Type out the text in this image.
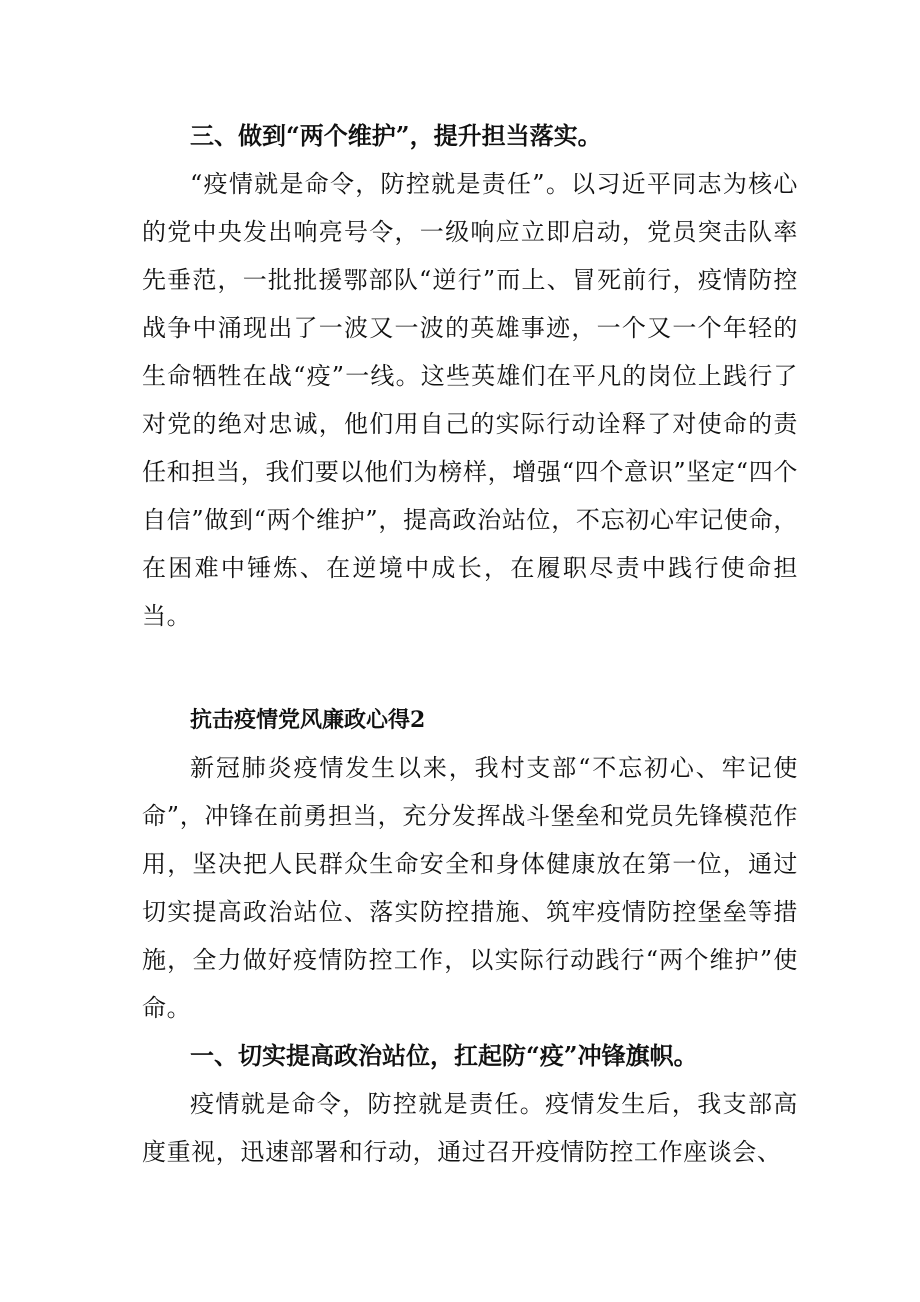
三、做到“两个维护”，提升担当落实。

“疫情就是命令，防控就是责任”。以习近平同志为核心的党中央发出响亮号令，一级响应立即启动，党员突击队率先垂范，一批批援鄂部队“逆行”而上、冒死前行，疫情防控战争中涌现出了一波又一波的英雄事迹，一个又一个年轻的生命牺牲在战“疫”一线。这些英雄们在平凡的岗位上践行了对党的绝对忠诚，他们用自己的实际行动诠释了对使命的责任和担当，我们要以他们为榜样，增强“四个意识”坚定“四个自信”做到“两个维护”，提高政治站位，不忘初心牢记使命，在困难中锤炼、在逆境中成长，在履职尽责中践行使命担当。

抗击疫情党风廉政心得2

新冠肺炎疫情发生以来，我村支部“不忘初心、牢记使命”，冲锋在前勇担当，充分发挥战斗堡垒和党员先锋模范作用，坚决把人民群众生命安全和身体健康放在第一位，通过切实提高政治站位、落实防控措施、筑牢疫情防控堡垒等措施，全力做好疫情防控工作，以实际行动践行“两个维护”使命。

一、切实提高政治站位，扛起防“疫”冲锋旗帜。

疫情就是命令，防控就是责任。疫情发生后，我支部高度重视，迅速部署和行动，通过召开疫情防控工作座谈会、
